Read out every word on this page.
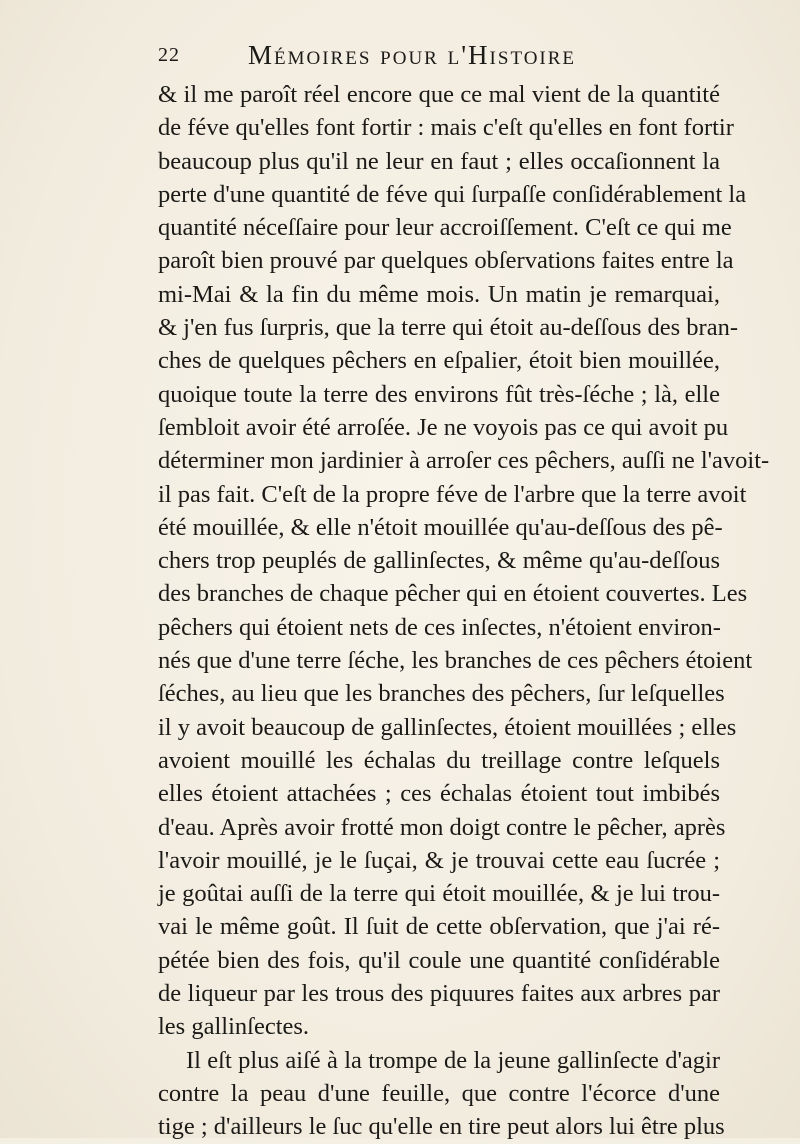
22	Mémoires pour l'Histoire
& il me paroît réel encore que ce mal vient de la quantité
de féve qu'elles font fortir : mais c'eſt qu'elles en font fortir
beaucoup plus qu'il ne leur en faut ; elles occaſionnent la
perte d'une quantité de féve qui ſurpaſſe conſidérablement la
quantité néceſſaire pour leur accroiſſement. C'eſt ce qui me
paroît bien prouvé par quelques obſervations faites entre la
mi-Mai & la fin du même mois. Un matin je remarquai,
& j'en fus ſurpris, que la terre qui étoit au-deſſous des bran-
ches de quelques pêchers en eſpalier, étoit bien mouillée,
quoique toute la terre des environs fût très-ſéche ; là, elle
ſembloit avoir été arroſée. Je ne voyois pas ce qui avoit pu
déterminer mon jardinier à arroſer ces pêchers, auſſi ne l'avoit-
il pas fait. C'eſt de la propre féve de l'arbre que la terre avoit
été mouillée, & elle n'étoit mouillée qu'au-deſſous des pê-
chers trop peuplés de gallinſectes, & même qu'au-deſſous
des branches de chaque pêcher qui en étoient couvertes. Les
pêchers qui étoient nets de ces inſectes, n'étoient environ-
nés que d'une terre ſéche, les branches de ces pêchers étoient
ſéches, au lieu que les branches des pêchers, ſur leſquelles
il y avoit beaucoup de gallinſectes, étoient mouillées ; elles
avoient mouillé les échalas du treillage contre leſquels
elles étoient attachées ; ces échalas étoient tout imbibés
d'eau. Après avoir frotté mon doigt contre le pêcher, après
l'avoir mouillé, je le ſuçai, & je trouvai cette eau ſucrée ;
je goûtai auſſi de la terre qui étoit mouillée, & je lui trou-
vai le même goût. Il ſuit de cette obſervation, que j'ai ré-
pétée bien des fois, qu'il coule une quantité conſidérable
de liqueur par les trous des piquures faites aux arbres par
les gallinſectes.
Il eſt plus aiſé à la trompe de la jeune gallinſecte d'agir
contre la peau d'une feuille, que contre l'écorce d'une
tige ; d'ailleurs le ſuc qu'elle en tire peut alors lui être plus
